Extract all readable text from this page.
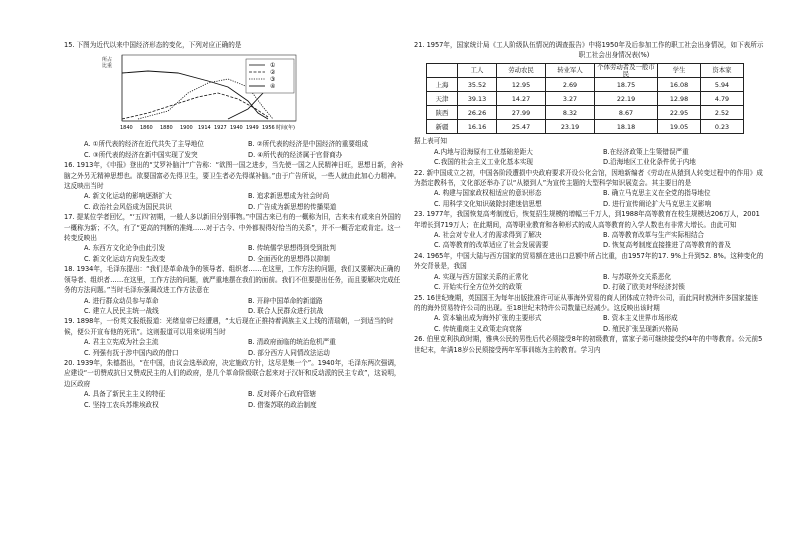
15. 下图为近代以来中国经济形态的变化，下列对应正确的是

①
②
③
④
1840 1860 1880 1900 1914 1927 1940 1949 1956 时间(年)
所占比重
A. ①所代表的经济在近代共失了主导地位	B. ②所代表的经济是中国经济的重要组成
C. ③所代表的经济在新中国实现了发突	D. ④所代表的经济属于官督商办

16. 1913年，《申报》登出的“艾罗补脑汁”广告称：“欲图一国之进步，当先使一国之人民精神日旺，思想日新，舍补脑之外另无精神思想也。欲要国富必先得卫生，要卫生者必先得谋补脑。”由于广告所说，一些人就由此加心力精神。这反映出当时

A. 新文化运动的影响逐渐扩大	B. 追求新思想成为社会时尚
C. 政治社会风俗成为国民共识	D. 广告成为新思想的传播渠道

17. 提某位学者回忆，“‘五四’初期，一般人多以新旧分别事物。”中国古来已有的一概称为旧，古来未有或来自外国的一概称为新；不久，有了“更高的判断的准绳……对于古今、中外都视得好恰当的关系”，并不一概否定或肯定。这一转变反映出

A. 东西方文化论争由此引发	B. 传统儒学思想得到受到批判
C. 新文化运动方向发生改变	D. 全面西化的思想得以抑制

18. 1934年，毛泽东提出：“我们是革命战争的领导者、组织者……在这里，工作方法的问题，我们又要解决正确的领导者、组织者……在这里，工作方法的问题，就严重地摆在我们的面前。我们不但要提出任务，而且要解决完成任务的方法问题。”当时毛泽东强调改进工作方法意在

A. 进行群众动员参与革命	B. 开辟中国革命的新道路
C. 建立人民民主统一战线	D. 联合人民群众进行抗战

19. 1898年，一份英文报纸报道：光绪皇帝已经遭遇，“太后现在正推持着满族主义上线的清瑞朝，一到适当的时候，便公开宣布他的死讯”。这则报道可以用来说明当时

A. 君主立宪成为社会主流	B. 清政府面临的统治危机严重
C. 列强有抚于涉中国内政的借口	D. 部分西方人同情改法运动

20. 1939年，朱德指出，“在中国，由议会选举政府，决定施政方针，这尽是集一个”。1940年，毛泽东两次强调，应建设“一切赞成抗日又赞成民主的人们的政府，是几个革命阶级联合起来对于汉奸和反动派的民主专政”，这说明，边区政府

A. 具备了新民主主义的特征	B. 反对蒋介石政府管辖
C. 坚持工农兵苏维埃政权	D. 借鉴苏联的政治制度

21. 1957年，国家统计局《工人阶级队伍情况的调查报告》中将1950年及后参加工作的职工社会出身情况，如下表所示

职工社会出身情况表(%)
	工人	劳动农民	转业军人	个体劳动者及一般市民	学生	资本家
上海	35.52	12.95	2.69	18.75	16.08	5.94
天津	39.13	14.27	3.27	22.19	12.98	4.79
陕西	26.26	27.99	8.32	8.67	22.95	2.52
新疆	16.16	25.47	23.19	18.18	19.05	0.23

据上表可知

A.内地与沿海原有工业基础差距大	B.在经济政策上生策错误严重
C.我国的社会主义工业化基本实现	D.沿海地区工业化条件优于内地

22. 新中国成立之初，中国各阶段遭损中央政府要求开设公化会馆，因地新编者《劳动在从猿到人转变过程中的作用》成为指定教科书，文化部还举办了以“从猿到人”为宣传主题的大型科学知识展览会。其主要目的是

A. 构建与国家政权相适应的意识形态	B. 确立马克思主义在全党的指导地位
C. 用科学文化知识破除封建迷信思想	D. 进行宣传阐论扩大马克思主义影响

23. 1977年，我国恢复高考制度后，恢复招生规模的增幅三千万人，到1988年高等教育在校生规模达206万人，2001年增长到719万人；在此期间，高等职业教育和各种形式的成人高等教育的入学人数也有非常大增长。由此可知

A. 社会对专业人才的需求得到了解决	B. 高等教育改革与生产实际相结合
C. 高等教育的改革适应了社会发展需要	D. 恢复高考制度直接推进了高等教育的普及

24. 1965年，中国大陆与西方国家的贸易额在进出口总额中所占比重，由1957年的17. 9%上升到52. 8%。这种变化的外交背景是，我国

A. 实现与西方国家关系的正常化	B. 与苏联外交关系恶化
C. 开始实行全方位外交的政策	D. 打破了欧美对华经济封锁

25. 16世纪晚期，英国国王为每年出版批准许可证从事海外贸易的商人团体成立特许公司，而此同时欧洲许多国家接连的的海外贸易特许公司的出现。至18世纪末特许公司数量已经减少。这反映出该时期

A. 资本输出成为海外扩张的主要形式	B. 资本主义世界市场形成
C. 传统重商主义政策走向衰落	D. 殖民扩张呈现新兴格局

26. 伯里克利执政时期，雅典公民的男性后代必须接受8年的初级教育，富家子弟可继续接受约4年的中等教育。公元前5世纪末，年满18岁公民须接受两年军事训练为主的教育。学习内
